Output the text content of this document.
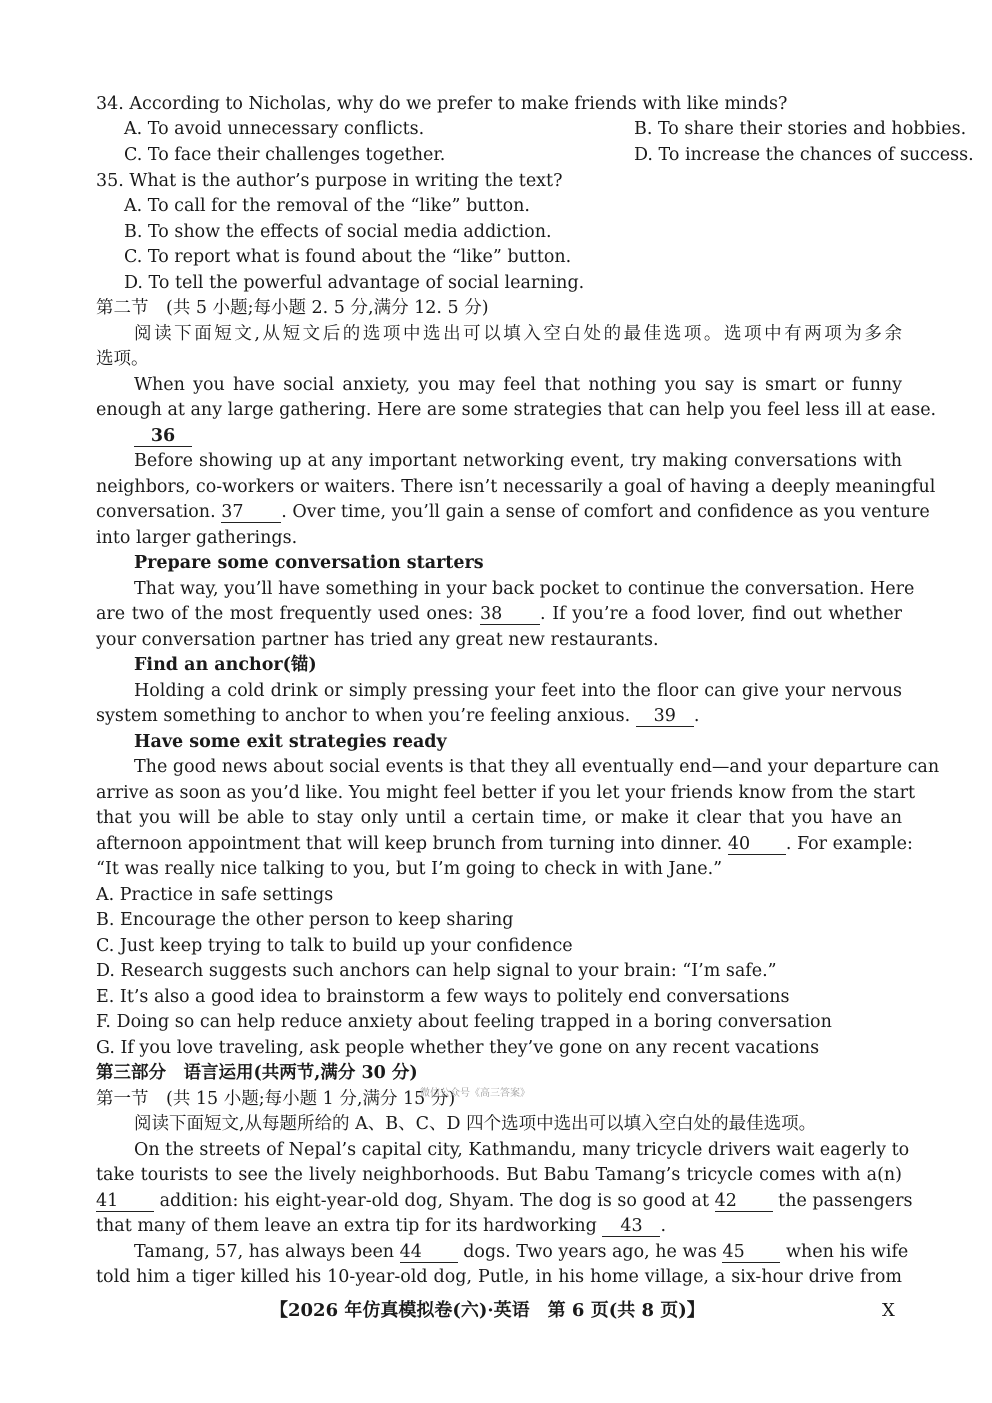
34. According to Nicholas, why do we prefer to make friends with like minds?
A. To avoid unnecessary conflicts.	B. To share their stories and hobbies.
C. To face their challenges together.	D. To increase the chances of success.
35. What is the author’s purpose in writing the text?
A. To call for the removal of the “like” button.
B. To show the effects of social media addiction.
C. To report what is found about the “like” button.
D. To tell the powerful advantage of social learning.
第二节　(共 5 小题;每小题 2. 5 分,满分 12. 5 分)
阅读下面短文,从短文后的选项中选出可以填入空白处的最佳选项。选项中有两项为多余
选项。
When you have social anxiety, you may feel that nothing you say is smart or funny
enough at any large gathering. Here are some strategies that can help you feel less ill at ease.
36
Before showing up at any important networking event, try making conversations with
neighbors, co-workers or waiters. There isn’t necessarily a goal of having a deeply meaningful
conversation. 37 . Over time, you’ll gain a sense of comfort and confidence as you venture
into larger gatherings.
Prepare some conversation starters
That way, you’ll have something in your back pocket to continue the conversation. Here
are two of the most frequently used ones: 38 . If you’re a food lover, find out whether
your conversation partner has tried any great new restaurants.
Find an anchor(锚)
Holding a cold drink or simply pressing your feet into the floor can give your nervous
system something to anchor to when you’re feeling anxious. 39 .
Have some exit strategies ready
The good news about social events is that they all eventually end—and your departure can
arrive as soon as you’d like. You might feel better if you let your friends know from the start
that you will be able to stay only until a certain time, or make it clear that you have an
afternoon appointment that will keep brunch from turning into dinner. 40 . For example:
“It was really nice talking to you, but I’m going to check in with Jane.”
A. Practice in safe settings
B. Encourage the other person to keep sharing
C. Just keep trying to talk to build up your confidence
D. Research suggests such anchors can help signal to your brain: “I’m safe.”
E. It’s also a good idea to brainstorm a few ways to politely end conversations
F. Doing so can help reduce anxiety about feeling trapped in a boring conversation
G. If you love traveling, ask people whether they’ve gone on any recent vacations
第三部分　语言运用(共两节,满分 30 分)
第一节　(共 15 小题;每小题 1 分,满分 15 分)
微信公众号《高三答案》
阅读下面短文,从每题所给的 A、B、C、D 四个选项中选出可以填入空白处的最佳选项。
On the streets of Nepal’s capital city, Kathmandu, many tricycle drivers wait eagerly to
take tourists to see the lively neighborhoods. But Babu Tamang’s tricycle comes with a(n)
41 addition: his eight-year-old dog, Shyam. The dog is so good at 42 the passengers
that many of them leave an extra tip for its hardworking 43 .
Tamang, 57, has always been 44 dogs. Two years ago, he was 45 when his wife
told him a tiger killed his 10-year-old dog, Putle, in his home village, a six-hour drive from
【2026 年仿真模拟卷(六)·英语　第 6 页(共 8 页)】	X
